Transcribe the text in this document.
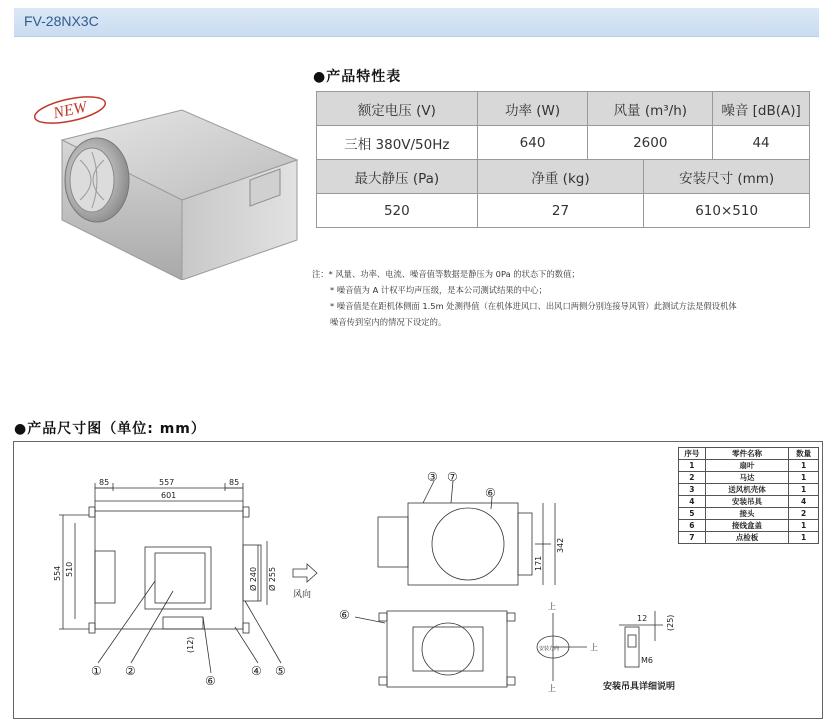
FV-28NX3C
NEW
●产品特性表
额定电压 (V)	功率 (W)	风量 (m³/h)		噪音 [dB(A)]
三相 380V/50Hz	640	2600		44
最大静压 (Pa)	净重 (kg)		安装尺寸 (mm)	
520	27		610×510	
注：* 风量、功率、电流、噪音值等数据是静压为 0Pa 的状态下的数值；
* 噪音值为 A 计权平均声压级，是本公司测试结果的中心；
* 噪音值是在距机体侧面 1.5m 处测得值（在机体进风口、出风口两侧分别连接导风管）此测试方法是假设机体
噪音传到室内的情况下设定的。
●产品尺寸图（单位: mm）
85	557	85
601
554 510	Ø 240 Ø 255
(12)
171
342
12 (25)
M6
风向
安装方向
上
上
上	安装吊具详细说明
① ②
⑥
④ ⑤
③ ⑦
⑥
⑥
序号	零件名称	数量
1	扇叶	1
2	马达	1
3	送风机壳体	1
4	安装吊具	4
5	接头	2
6	接线盒盖	1
7	点检板	1
